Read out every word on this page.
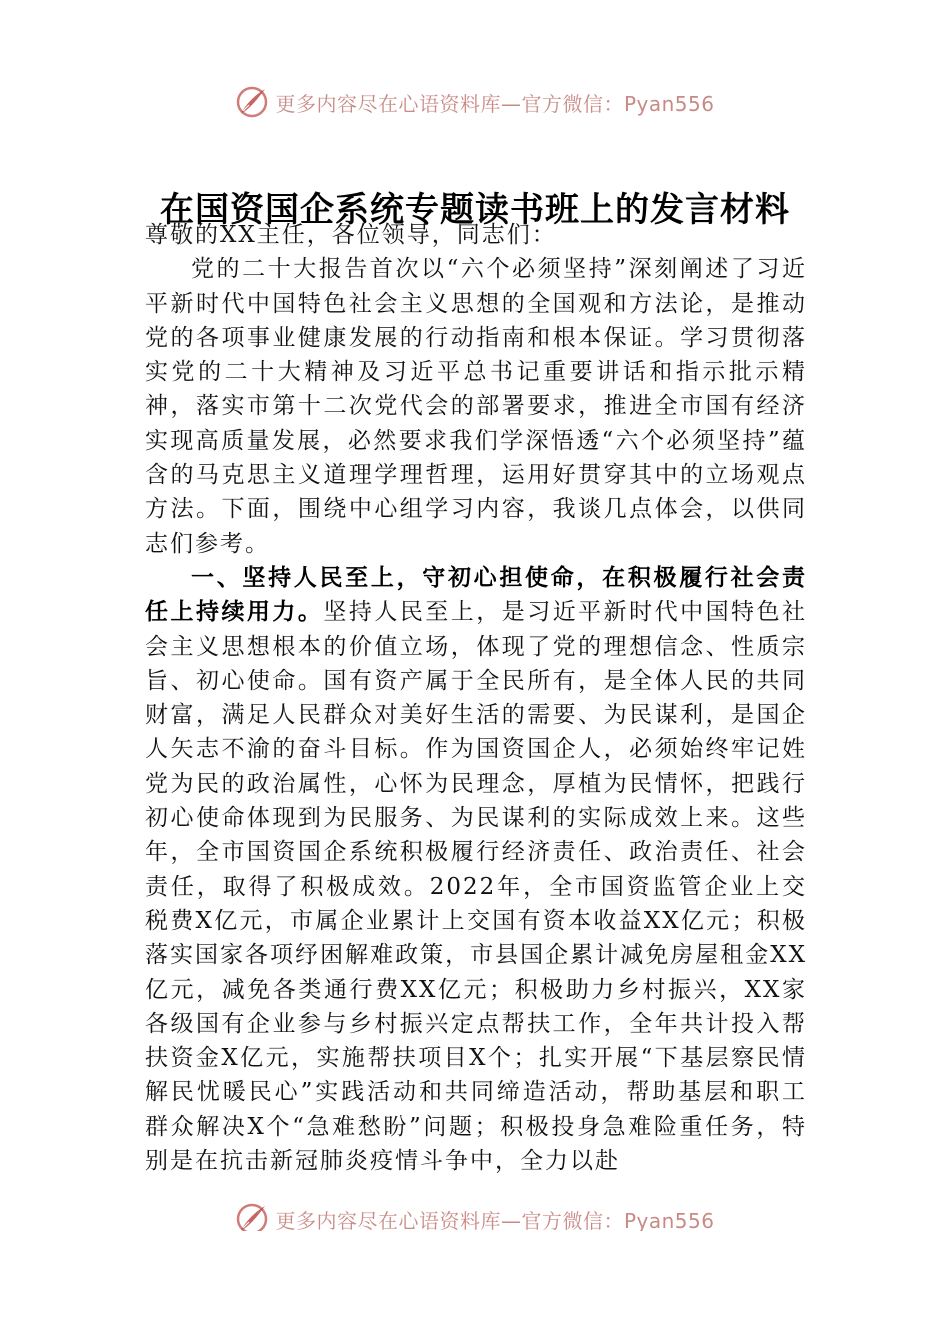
更多内容尽在心语资料库—官方微信：Pyan556
在国资国企系统专题读书班上的发言材料

尊敬的XX主任，各位领导，同志们：

党的二十大报告首次以“六个必须坚持”深刻阐述了习近平新时代中国特色社会主义思想的全国观和方法论，是推动党的各项事业健康发展的行动指南和根本保证。学习贯彻落实党的二十大精神及习近平总书记重要讲话和指示批示精神，落实市第十二次党代会的部署要求，推进全市国有经济实现高质量发展，必然要求我们学深悟透“六个必须坚持”蕴含的马克思主义道理学理哲理，运用好贯穿其中的立场观点方法。下面，围绕中心组学习内容，我谈几点体会，以供同志们参考。

一、坚持人民至上，守初心担使命，在积极履行社会责任上持续用力。坚持人民至上，是习近平新时代中国特色社会主义思想根本的价值立场，体现了党的理想信念、性质宗旨、初心使命。国有资产属于全民所有，是全体人民的共同财富，满足人民群众对美好生活的需要、为民谋利，是国企人矢志不渝的奋斗目标。作为国资国企人，必须始终牢记姓党为民的政治属性，心怀为民理念，厚植为民情怀，把践行初心使命体现到为民服务、为民谋利的实际成效上来。这些年，全市国资国企系统积极履行经济责任、政治责任、社会责任，取得了积极成效。2022年，全市国资监管企业上交税费X亿元，市属企业累计上交国有资本收益XX亿元；积极落实国家各项纾困解难政策，市县国企累计减免房屋租金XX亿元，减免各类通行费XX亿元；积极助力乡村振兴，XX家各级国有企业参与乡村振兴定点帮扶工作，全年共计投入帮扶资金X亿元，实施帮扶项目X个；扎实开展“下基层察民情解民忧暖民心”实践活动和共同缔造活动，帮助基层和职工群众解决X个“急难愁盼”问题；积极投身急难险重任务，特别是在抗击新冠肺炎疫情斗争中，全力以赴

更多内容尽在心语资料库—官方微信：Pyan556
